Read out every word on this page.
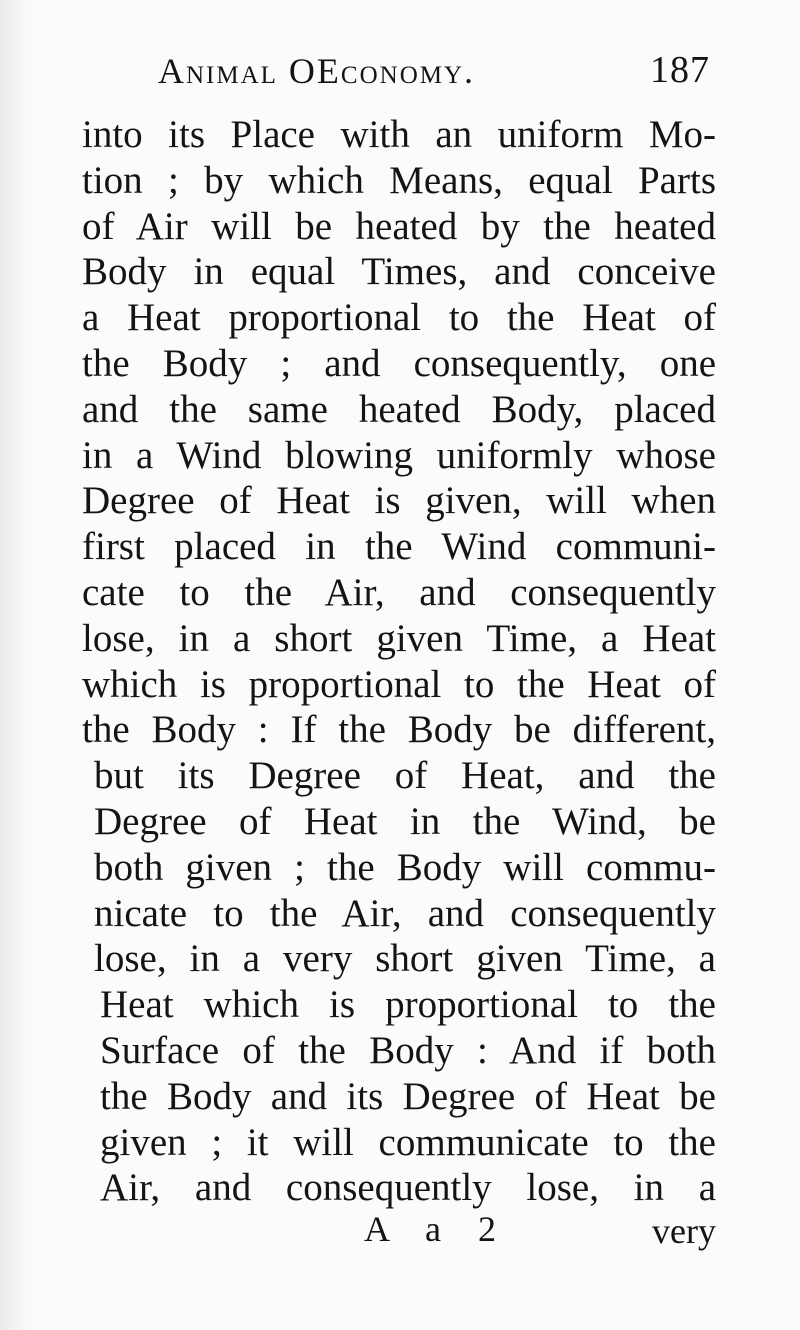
Animal OEconomy.	187
into its Place with an uniform Mo-
tion ; by which Means, equal Parts
of Air will be heated by the heated
Body in equal Times, and conceive
a Heat proportional to the Heat of
the Body ; and consequently, one
and the same heated Body, placed
in a Wind blowing uniformly whose
Degree of Heat is given, will when
first placed in the Wind communi-
cate to the Air, and consequently
lose, in a short given Time, a Heat
which is proportional to the Heat of
the Body : If the Body be different,
but its Degree of Heat, and the
Degree of Heat in the Wind, be
both given ; the Body will commu-
nicate to the Air, and consequently
lose, in a very short given Time, a
Heat which is proportional to the
Surface of the Body : And if both
the Body and its Degree of Heat be
given ; it will communicate to the
Air, and consequently lose, in a
A a 2	very
